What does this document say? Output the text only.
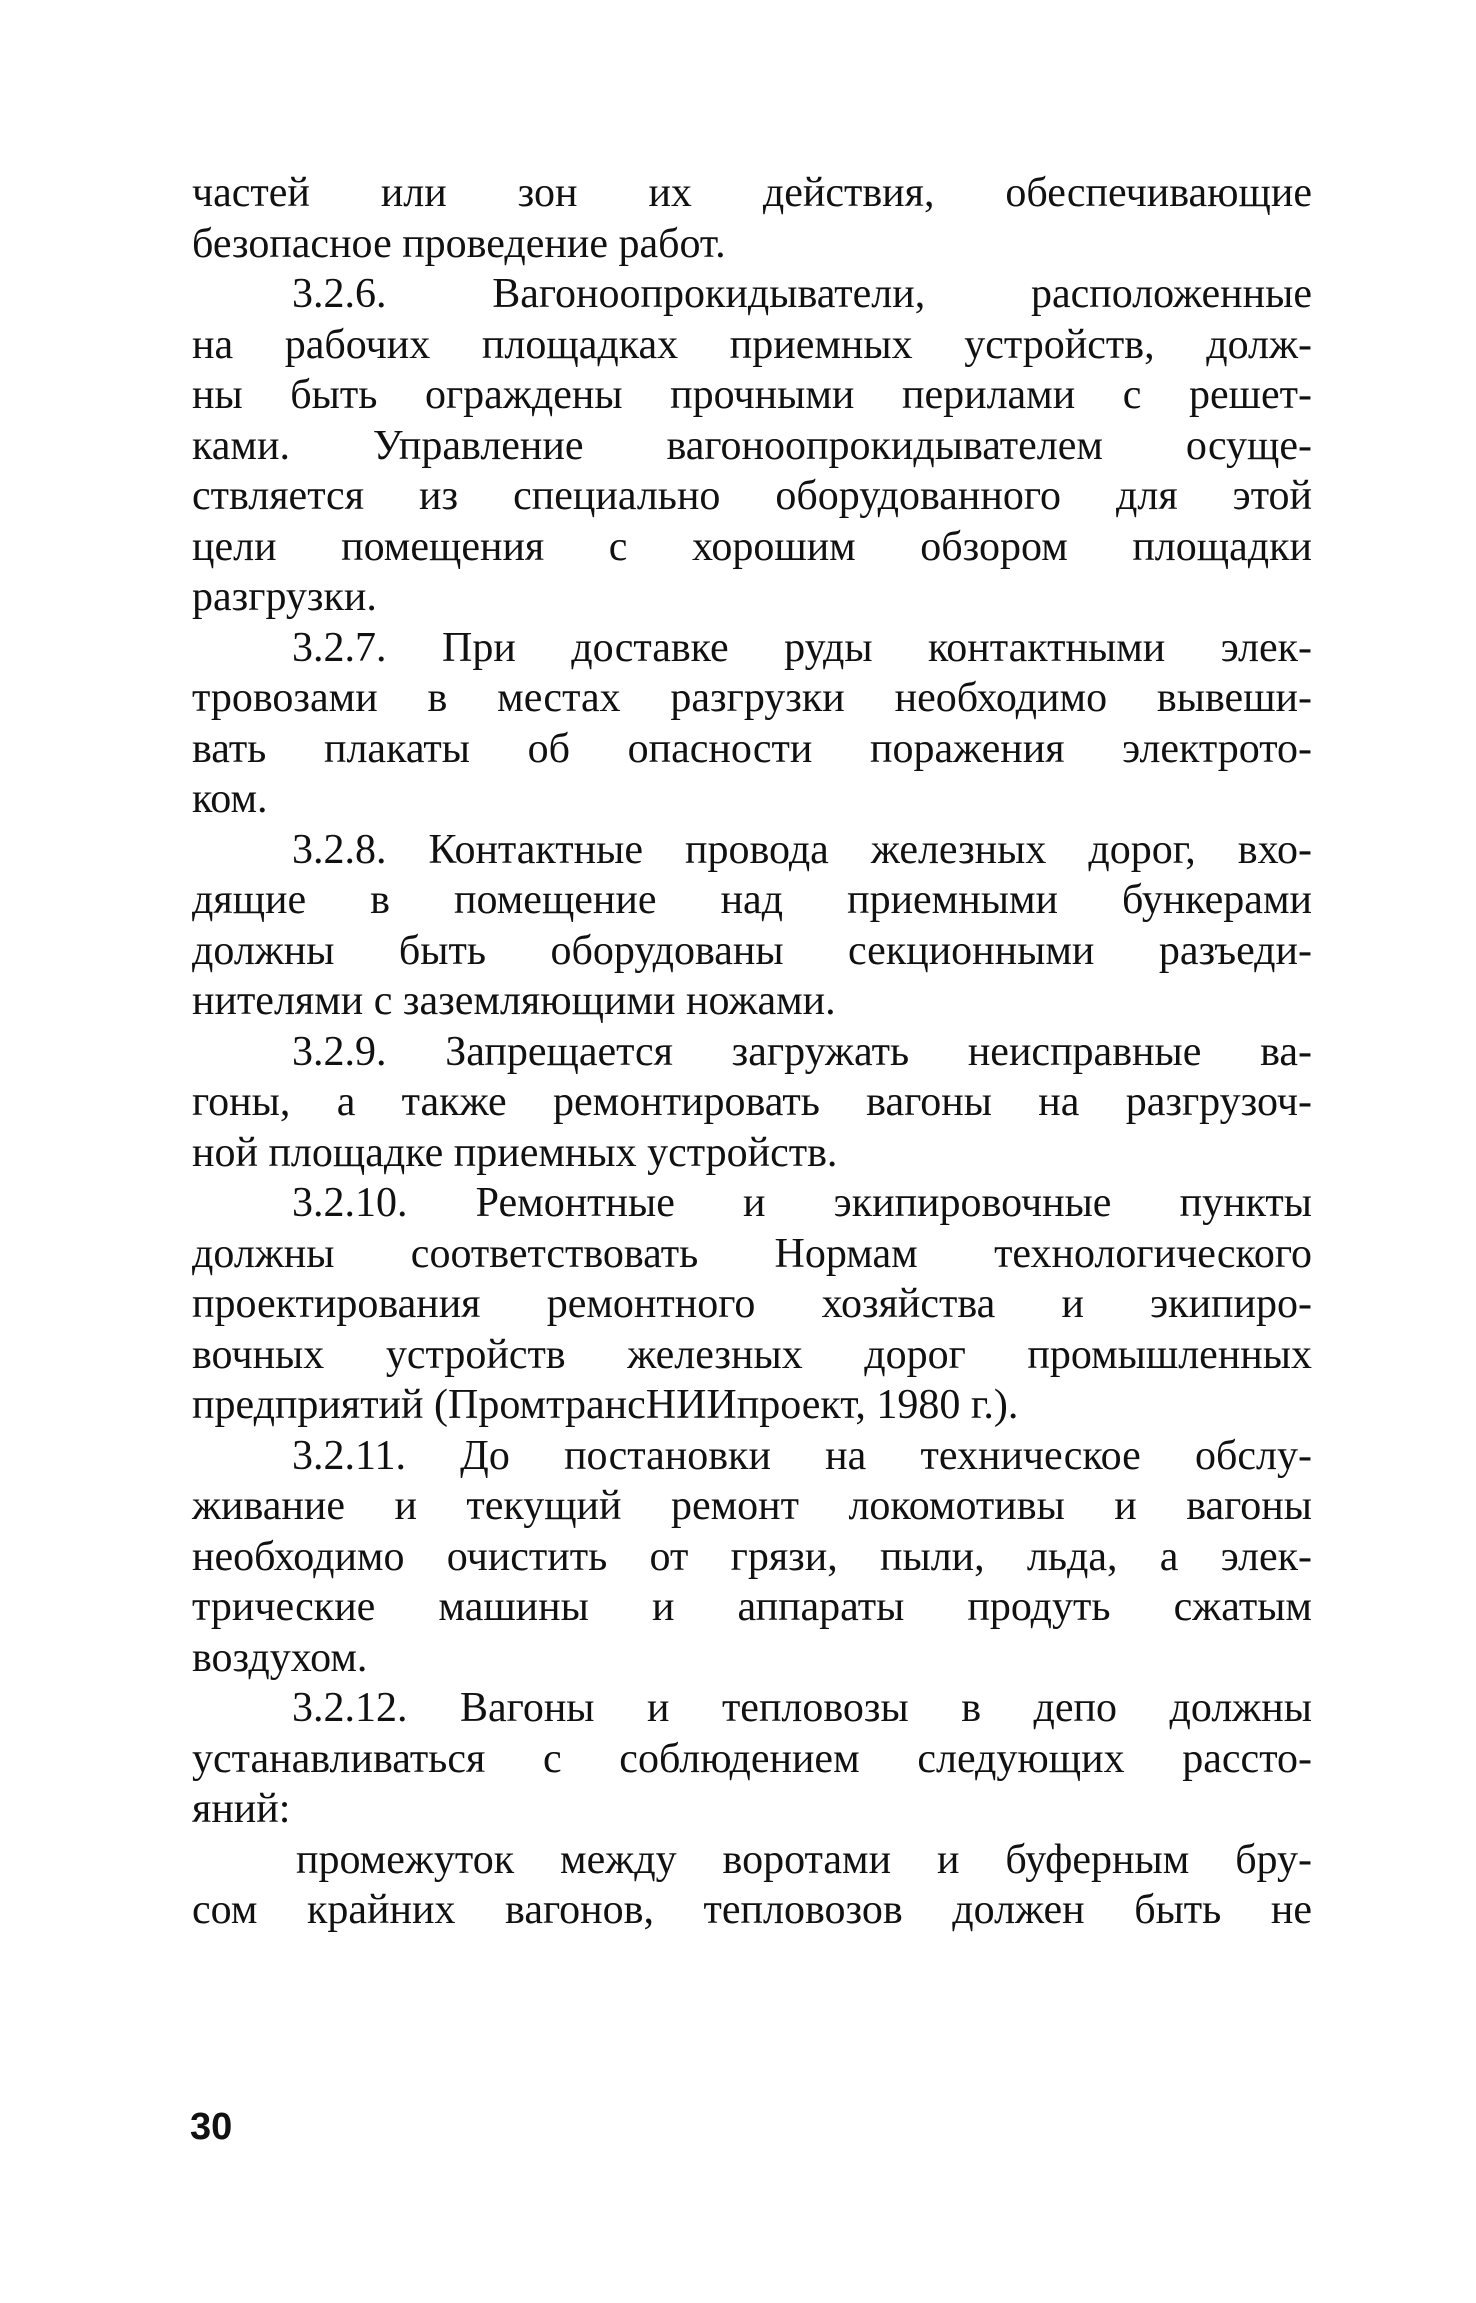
частей или зон их действия, обеспечивающие
безопасное проведение работ.
3.2.6. Вагоноопрокидыватели, расположенные
на рабочих площадках приемных устройств, долж-
ны быть ограждены прочными перилами с решет-
ками. Управление вагоноопрокидывателем осуще-
ствляется из специально оборудованного для этой
цели помещения с хорошим обзором площадки
разгрузки.
3.2.7. При доставке руды контактными элек-
тровозами в местах разгрузки необходимо вывеши-
вать плакаты об опасности поражения электрото-
ком.
3.2.8. Контактные провода железных дорог, вхо-
дящие в помещение над приемными бункерами
должны быть оборудованы секционными разъеди-
нителями с заземляющими ножами.
3.2.9. Запрещается загружать неисправные ва-
гоны, а также ремонтировать вагоны на разгрузоч-
ной площадке приемных устройств.
3.2.10. Ремонтные и экипировочные пункты
должны соответствовать Нормам технологического
проектирования ремонтного хозяйства и экипиро-
вочных устройств железных дорог промышленных
предприятий (ПромтрансНИИпроект, 1980 г.).
3.2.11. До постановки на техническое обслу-
живание и текущий ремонт локомотивы и вагоны
необходимо очистить от грязи, пыли, льда, а элек-
трические машины и аппараты продуть сжатым
воздухом.
3.2.12. Вагоны и тепловозы в депо должны
устанавливаться с соблюдением следующих рассто-
яний:
промежуток между воротами и буферным бру-
сом крайних вагонов, тепловозов должен быть не
30
